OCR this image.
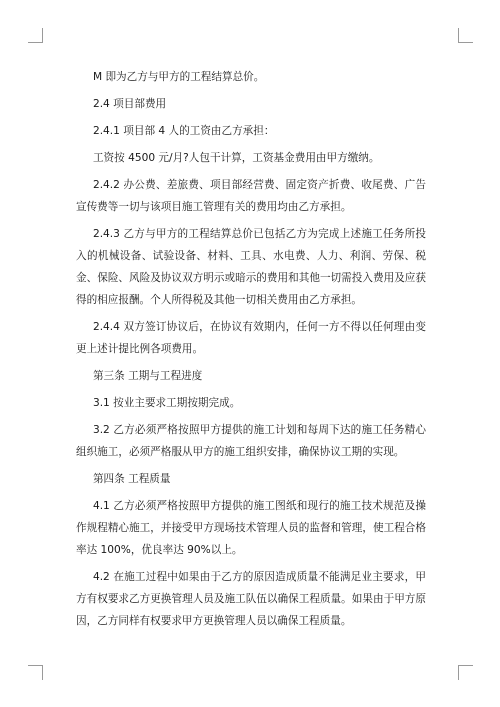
M 即为乙方与甲方的工程结算总价。

2.4 项目部费用

2.4.1 项目部 4 人的工资由乙方承担：

工资按 4500 元/月?人包干计算，工资基金费用由甲方缴纳。

2.4.2 办公费、差旅费、项目部经营费、固定资产折费、收尾费、广告宣传费等一切与该项目施工管理有关的费用均由乙方承担。

2.4.3 乙方与甲方的工程结算总价已包括乙方为完成上述施工任务所投入的机械设备、试验设备、材料、工具、水电费、人力、利润、劳保、税金、保险、风险及协议双方明示或暗示的费用和其他一切需投入费用及应获得的相应报酬。个人所得税及其他一切相关费用由乙方承担。

2.4.4 双方签订协议后，在协议有效期内，任何一方不得以任何理由变更上述计提比例各项费用。

第三条 工期与工程进度

3.1 按业主要求工期按期完成。

3.2 乙方必须严格按照甲方提供的施工计划和每周下达的施工任务精心组织施工，必须严格服从甲方的施工组织安排，确保协议工期的实现。

第四条 工程质量

4.1 乙方必须严格按照甲方提供的施工图纸和现行的施工技术规范及操作规程精心施工，并接受甲方现场技术管理人员的监督和管理，使工程合格率达 100%，优良率达 90%以上。

4.2 在施工过程中如果由于乙方的原因造成质量不能满足业主要求，甲方有权要求乙方更换管理人员及施工队伍以确保工程质量。如果由于甲方原因，乙方同样有权要求甲方更换管理人员以确保工程质量。
